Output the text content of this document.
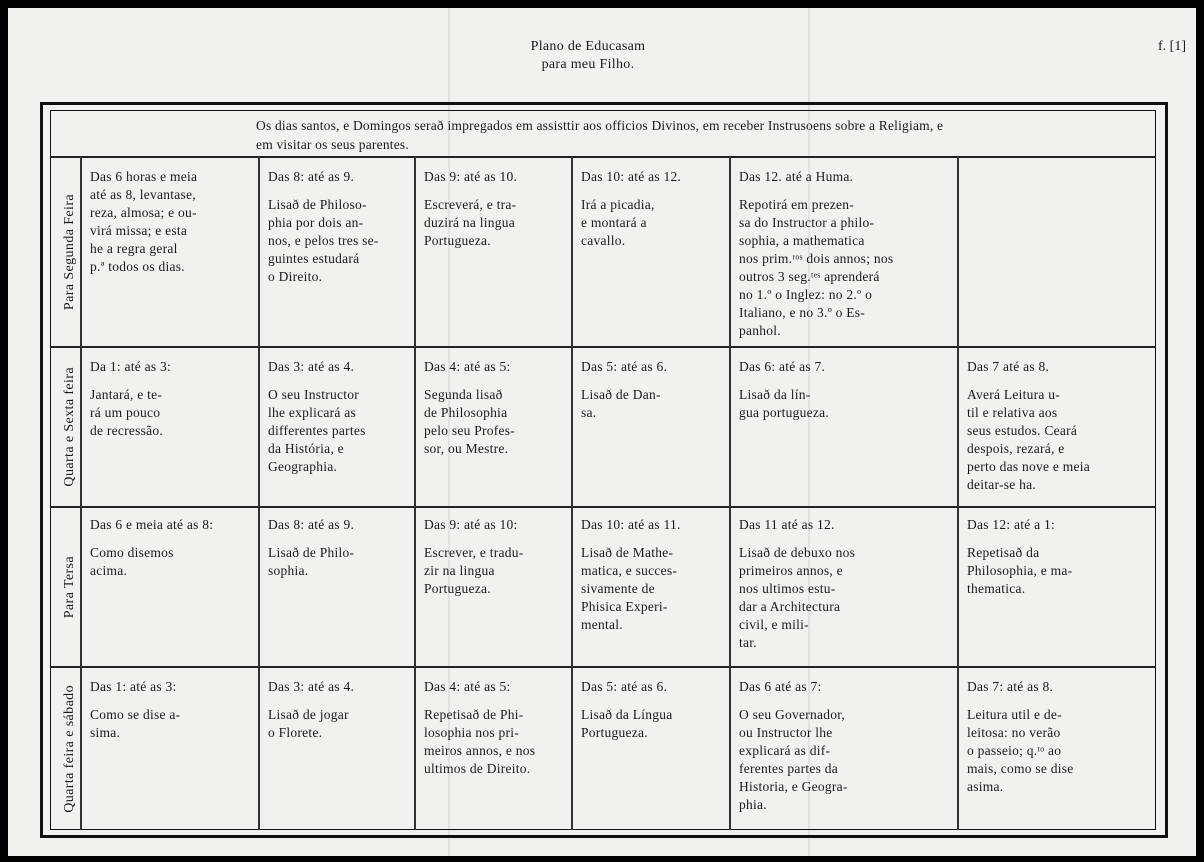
Plano de Educasam
para meu Filho.
f. [1]
Os dias santos, e Domingos serað impregados em assisttir aos officios Divinos, em receber Instrusoens sobre a Religiam, e em visitar os seus parentes.
Para Segunda Feira
Das 6 horas e meia
até as 8, levantase,
reza, almosa; e ou-
virá missa; e esta
he a regra geral
p.ª todos os dias.
Das 8: até as 9.
Lisað de Philoso-
phia por dois an-
nos, e pelos tres se-
guintes estudará
o Direito.
Das 9: até as 10.
Escreverá, e tra-
duzirá na lingua
Portugueza.
Das 10: até as 12.
Irá a picadia,
e montará a
cavallo.
Das 12. até a Huma.
Repotirá em prezen-
sa do Instructor a philo-
sophia, a mathematica
nos prim.ʳᵒˢ dois annos; nos
outros 3 seg.ᵗᵉˢ aprenderá
no 1.º o Inglez: no 2.º o
Italiano, e no 3.º o Es-
panhol.
Quarta e Sexta feira
Da 1: até as 3:
Jantará, e te-
rá um pouco
de recressão.
Das 3: até as 4.
O seu Instructor
lhe explicará as
differentes partes
da História, e
Geographia.
Das 4: até as 5:
Segunda lisað
de Philosophia
pelo seu Profes-
sor, ou Mestre.
Das 5: até as 6.
Lisað de Dan-
sa.
Das 6: até as 7.
Lisað da lín-
gua portugueza.
Das 7 até as 8.
Averá Leitura u-
til e relativa aos
seus estudos. Ceará
despois, rezará, e
perto das nove e meia
deitar-se ha.
Para Tersa
Das 6 e meia até as 8:
Como disemos
acima.
Das 8: até as 9.
Lisað de Philo-
sophia.
Das 9: até as 10:
Escrever, e tradu-
zir na lingua
Portugueza.
Das 10: até as 11.
Lisað de Mathe-
matica, e succes-
sivamente de
Phisica Experi-
mental.
Das 11 até as 12.
Lisað de debuxo nos
primeiros annos, e
nos ultimos estu-
dar a Architectura
civil, e mili-
tar.
Das 12: até a 1:
Repetisað da
Philosophia, e ma-
thematica.
Quarta feira e sábado Das 1: até as 3:
Como se dise a-
sima.
Das 3: até as 4.
Lisað de jogar
o Florete.
Das 4: até as 5:
Repetisað de Phi-
losophia nos pri-
meiros annos, e nos
ultimos de Direito.
Das 5: até as 6.
Lisað da Língua
Portugueza.
Das 6 até as 7:
O seu Governador,
ou Instructor lhe
explicará as dif-
ferentes partes da
Historia, e Geogra-
phia.
Das 7: até as 8.
Leitura util e de-
leitosa: no verão
o passeio; q.ᵗᵒ ao
mais, como se dise
asima.
